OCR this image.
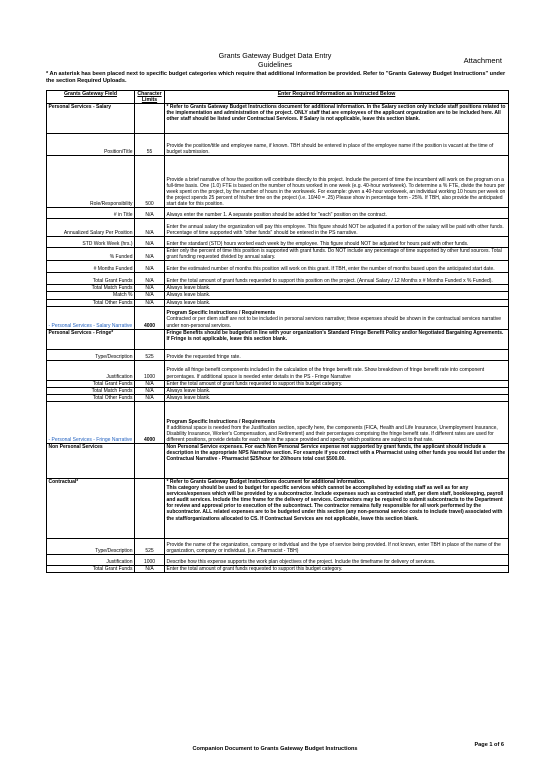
Grants Gateway Budget Data Entry
Guidelines	Attachment
* An asterisk has been placed next to specific budget categories which require that additional information be provided. Refer to "Grants Gateway Budget Instructions" under the section Required Uploads.
Grants Gateway Field	Character Limits	Enter Required Information as Instructed Below
Personal Services - Salary		* Refer to Grants Gateway Budget Instructions document for additional information. In the Salary section only include staff positions related to the implementation and administration of the project. ONLY staff that are employees of the applicant organization are to be included here. All other staff should be listed under Contractual Services. If Salary is not applicable, leave this section blank.
Position/Title	55	Provide the position/title and employee name, if known. TBH should be entered in place of the employee name if the position is vacant at the time of budget submission.
Role/Responsibility	500	Provide a brief narrative of how the position will contribute directly to this project. Include the percent of time the incumbent will work on the program on a full-time basis. One (1.0) FTE is based on the number of hours worked in one week (e.g. 40-hour workweek). To determine a % FTE, divide the hours per week spent on the project, by the number of hours in the workweek. For example: given a 40-hour workweek, an individual working 10 hours per week on the project spends 25 percent of his/her time on the project (i.e. 10/40 = .25) Please show in percentage form - 25%. If TBH, also provide the anticipated start date for this position.
# in Title	N/A	Always enter the number 1. A separate position should be added for "each" position on the contract.
Annualized Salary Per Position	N/A	Enter the annual salary the organization will pay this employee. This figure should NOT be adjusted if a portion of the salary will be paid with other funds. Percentage of time supported with "other funds" should be entered in the PS narrative.
STD Work Week (hrs.)	N/A	Enter the standard (STD) hours worked each week by the employee. This figure should NOT be adjusted for hours paid with other funds.
% Funded	N/A	Enter only the percent of time this position is supported with grant funds. Do NOT include any percentage of time supported by other fund sources. Total grant funding requested divided by annual salary.
# Months Funded	N/A	Enter the estimated number of months this position will work on this grant. If TBH, enter the number of months based upon the anticipated start date.
Total Grant Funds	N/A	Enter the total amount of grant funds requested to support this position on the project. (Annual Salary / 12 Months x # Months Funded x % Funded).
Total Match Funds	N/A	Always leave blank.
Match %	N/A	Always leave blank.
Total Other Funds	N/A	Always leave blank.
- Personal Services - Salary Narrative	4000	Program Specific Instructions / Requirements
Contracted or per diem staff are not to be included in personal services narrative; these expenses should be shown in the contractual services narrative under non-personal services.
Personal Services - Fringe*		Fringe Benefits should be budgeted in line with your organization's Standard Fringe Benefit Policy and/or Negotiated Bargaining Agreements. If Fringe is not applicable, leave this section blank.
Type/Description	525	Provide the requested fringe rate.
Justification	1000	Provide all fringe benefit components included in the calculation of the fringe benefit rate. Show breakdown of fringe benefit rate into component percentages. If additional space is needed enter details in the PS - Fringe Narrative
Total Grant Funds	N/A	Enter the total amount of grant funds requested to support this budget category.
Total Match Funds	N/A	Always leave blank.
Total Other Funds	N/A	Always leave blank.
- Personal Services - Fringe Narrative	4000	Program Specific Instructions / Requirements
If additional space is needed from the Justification section, specify here, the components (FICA, Health and Life Insurance, Unemployment Insurance, Disability Insurance, Worker's Compensation, and Retirement) and their percentages comprising the fringe benefit rate. If different rates are used for different positions, provide details for each rate in the space provided and specify which positions are subject to that rate.
Non Personal Services		Non Personal Service expenses. For each Non Personal Service expense not supported by grant funds, the applicant should include a description in the appropriate NPS Narrative section. For example if you contract with a Pharmacist using other funds you would list under the Contractual Narrative - Pharmacist $25/hour for 20/hours total cost $500.00.
Contractual*		* Refer to Grants Gateway Budget Instructions document for additional information.
This category should be used to budget for specific services which cannot be accomplished by existing staff as well as for any services/expenses which will be provided by a subcontractor. Include expenses such as contracted staff, per diem staff, bookkeeping, payroll and audit services. Include the time frame for the delivery of services. Contractors may be required to submit subcontracts to the Department for review and approval prior to execution of the subcontract. The contractor remains fully responsible for all work performed by the subcontractor. ALL related expenses are to be budgeted under this section (any non-personal service costs to include travel) associated with the staff/organizations allocated to CS. If Contractual Services are not applicable, leave this section blank.
Type/Description	525	Provide the name of the organization, company or individual and the type of service being provided. If not known, enter TBH in place of the name of the organization, company or individual. (i.e. Pharmacist - TBH)
Justification	1000	Describe how this expense supports the work plan objectives of the project. Include the timeframe for delivery of services.
Total Grant Funds	N/A	Enter the total amount of grant funds requested to support this budget category.
Companion Document to Grants Gateway Budget Instructions
Page 1 of 6
